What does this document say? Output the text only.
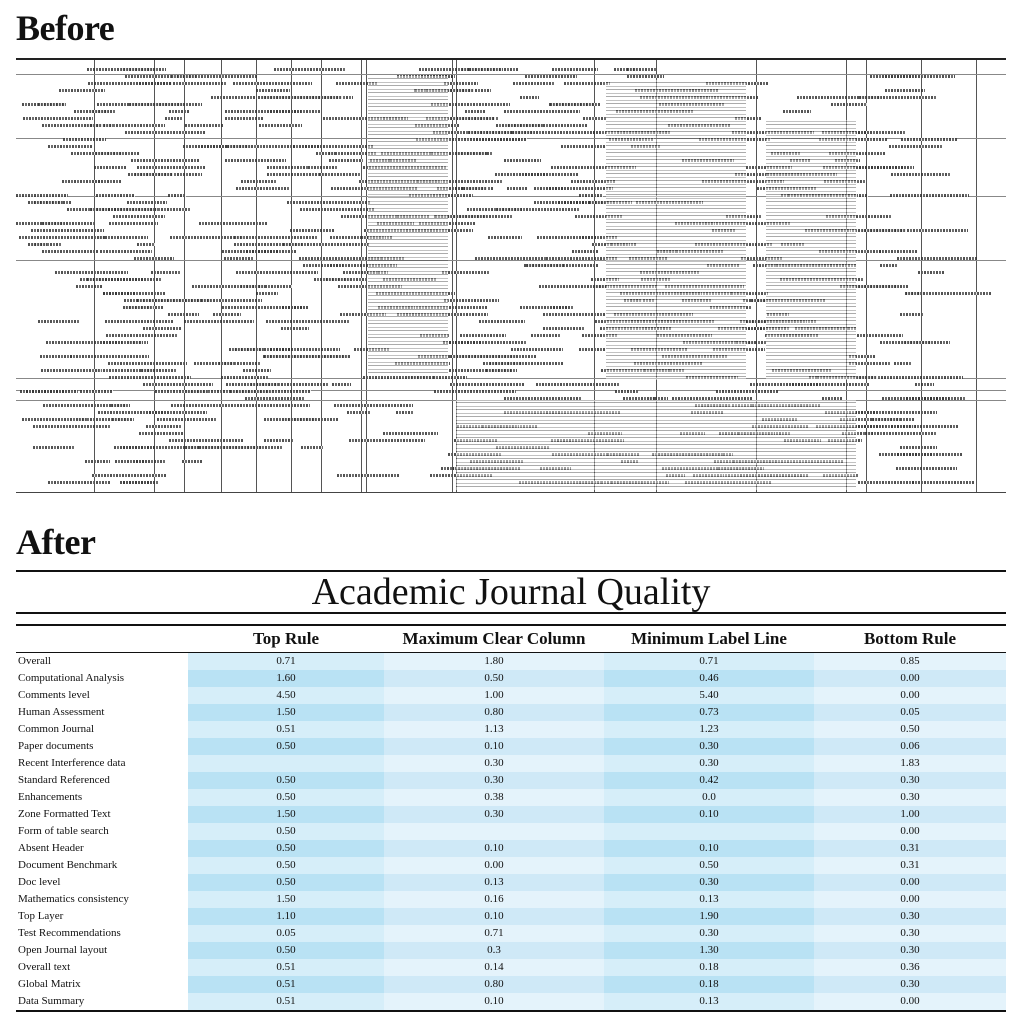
Before
After
Academic Journal Quality
	Top Rule	Maximum Clear Column	Minimum Label Line	Bottom Rule
Overall	0.71	1.80	0.71	0.85
Computational Analysis	1.60	0.50	0.46	0.00
Comments level	4.50	1.00	5.40	0.00
Human Assessment	1.50	0.80	0.73	0.05
Common Journal	0.51	1.13	1.23	0.50
Paper documents	0.50	0.10	0.30	0.06
Recent Interference data		0.30	0.30	1.83
Standard Referenced	0.50	0.30	0.42	0.30
Enhancements	0.50	0.38	0.0	0.30
Zone Formatted Text	1.50	0.30	0.10	1.00
Form of table search	0.50			0.00
Absent Header	0.50	0.10	0.10	0.31
Document Benchmark	0.50	0.00	0.50	0.31
Doc level	0.50	0.13	0.30	0.00
Mathematics consistency	1.50	0.16	0.13	0.00
Top Layer	1.10	0.10	1.90	0.30
Test Recommendations	0.05	0.71	0.30	0.30
Open Journal layout	0.50	0.3	1.30	0.30
Overall text	0.51	0.14	0.18	0.36
Global Matrix	0.51	0.80	0.18	0.30
Data Summary	0.51	0.10	0.13	0.00
